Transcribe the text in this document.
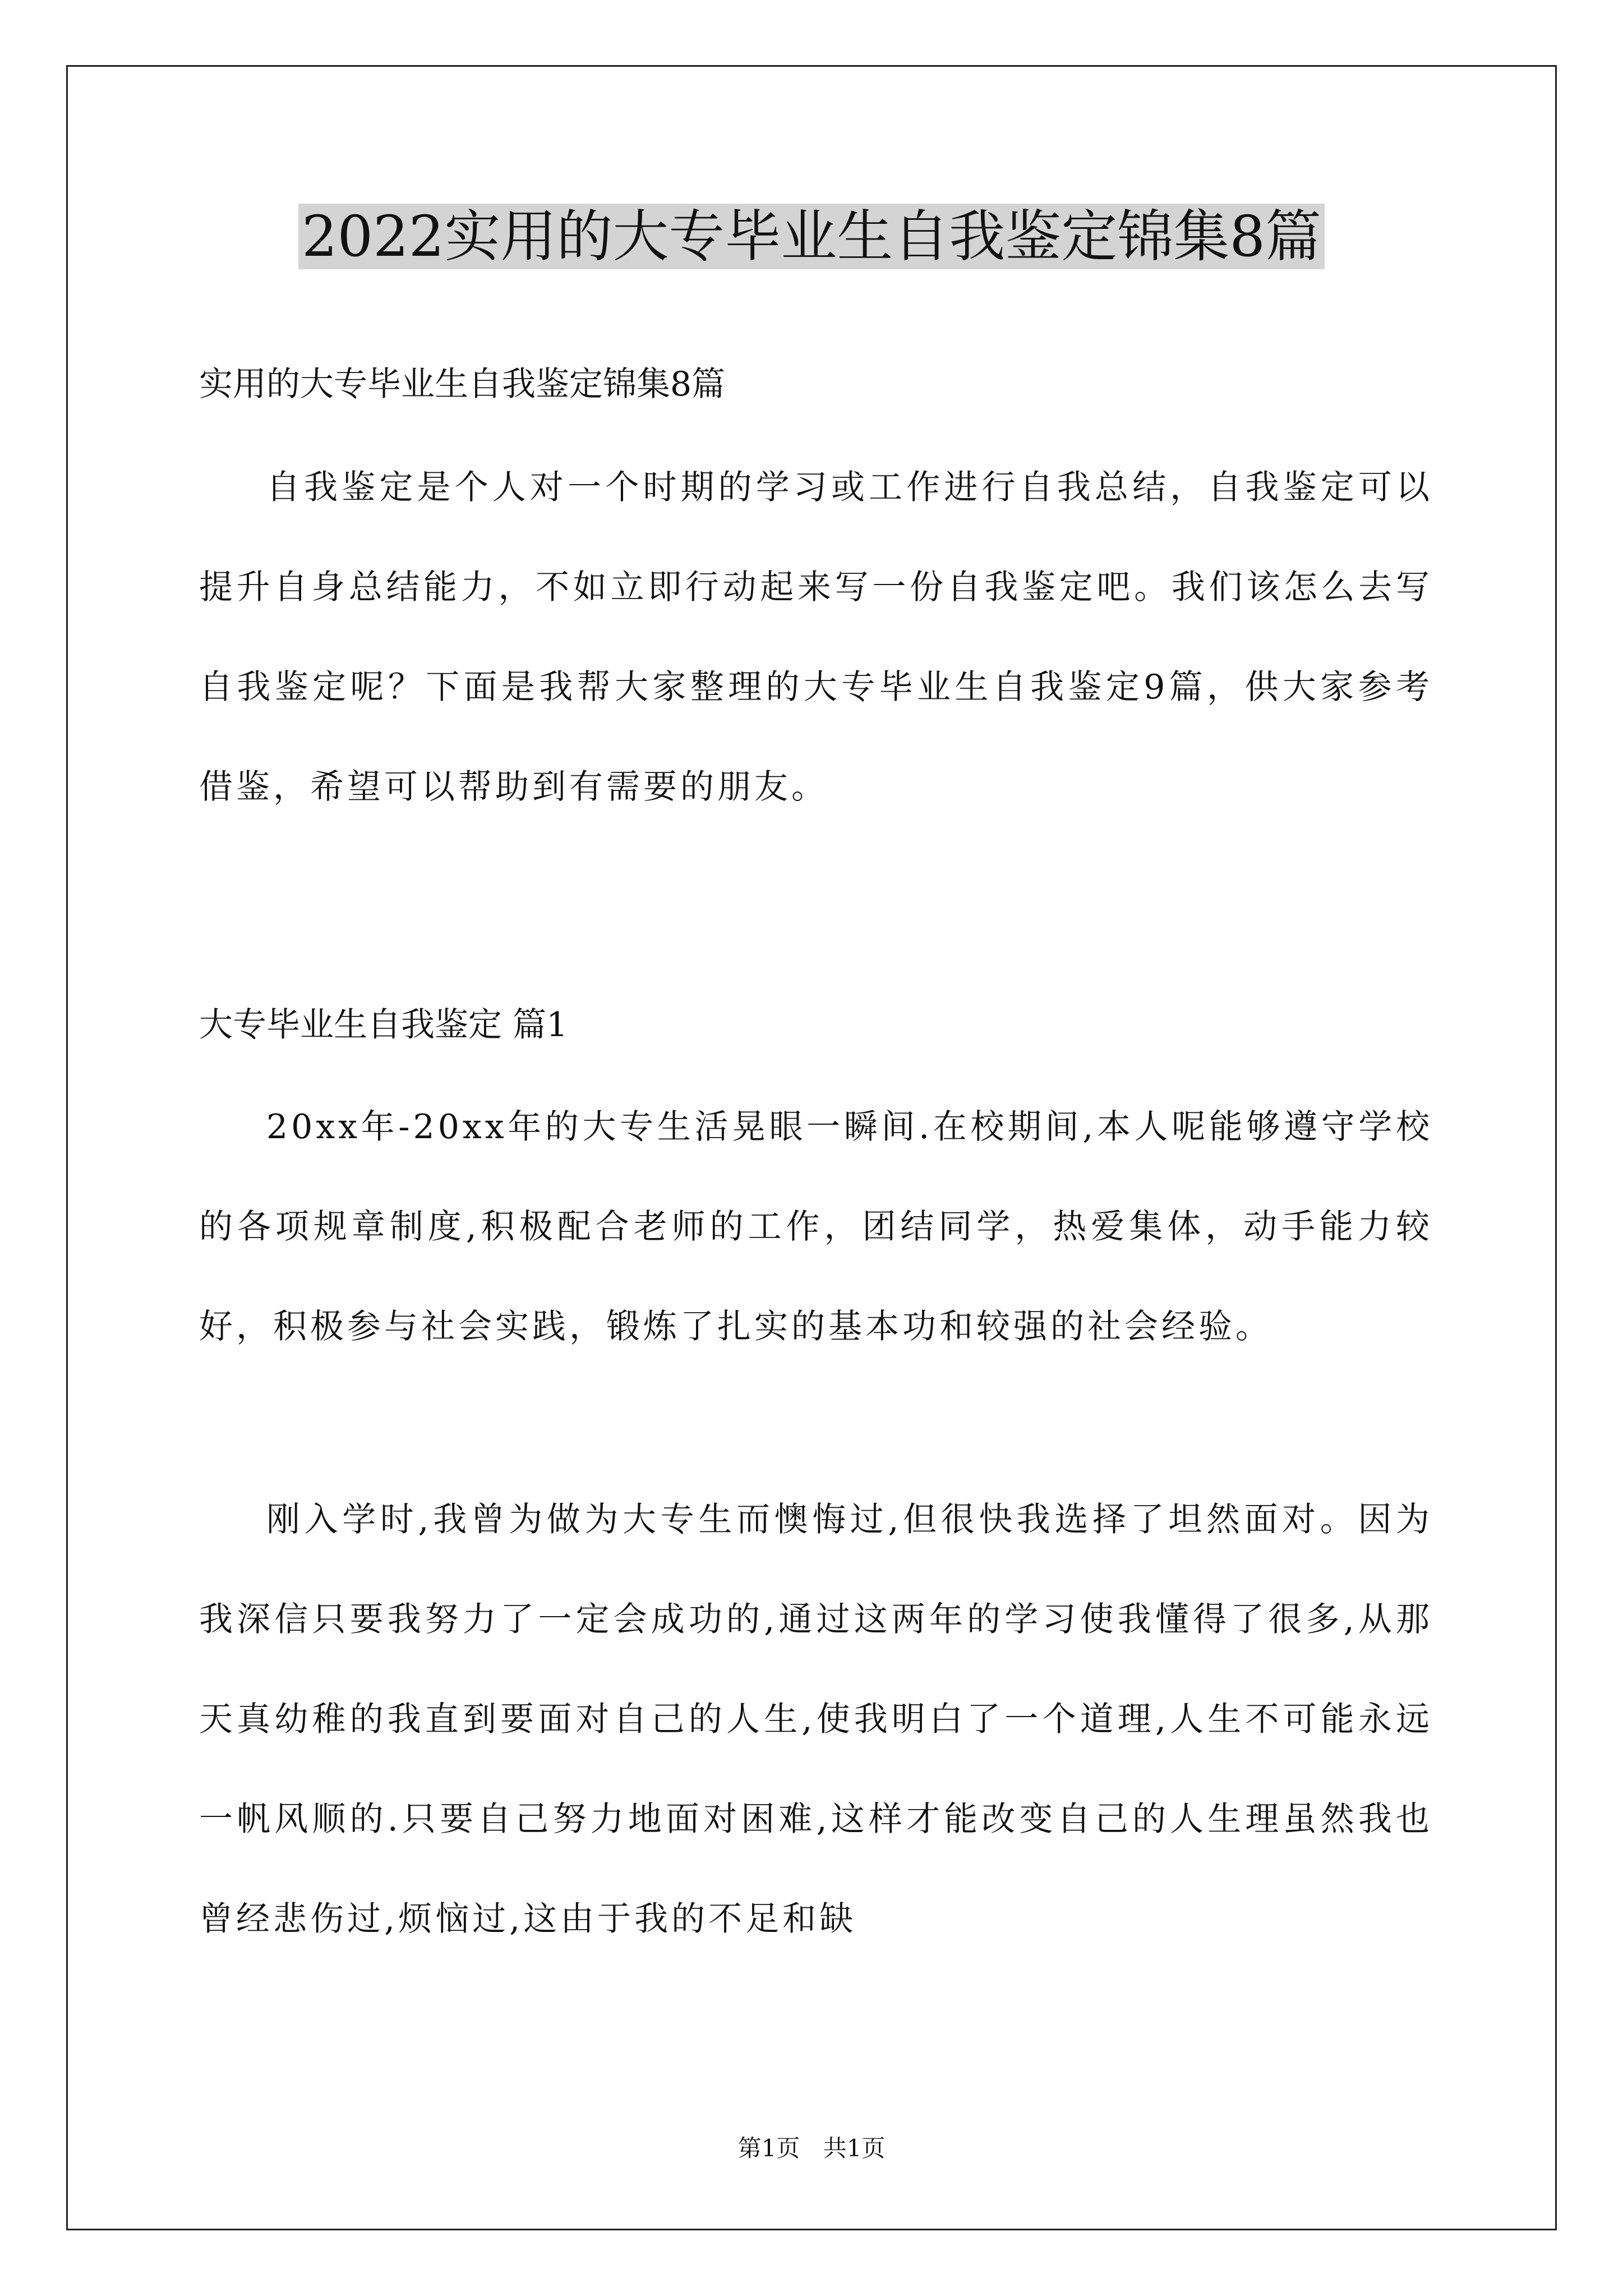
2022实用的大专毕业生自我鉴定锦集8篇
实用的大专毕业生自我鉴定锦集8篇
自我鉴定是个人对一个时期的学习或工作进行自我总结，自我鉴定可以提升自身总结能力，不如立即行动起来写一份自我鉴定吧。我们该怎么去写自我鉴定呢？下面是我帮大家整理的大专毕业生自我鉴定9篇，供大家参考借鉴，希望可以帮助到有需要的朋友。
大专毕业生自我鉴定 篇1
20xx年-20xx年的大专生活晃眼一瞬间.在校期间,本人呢能够遵守学校的各项规章制度,积极配合老师的工作，团结同学，热爱集体，动手能力较好，积极参与社会实践，锻炼了扎实的基本功和较强的社会经验。
刚入学时,我曾为做为大专生而懊悔过,但很快我选择了坦然面对。因为我深信只要我努力了一定会成功的,通过这两年的学习使我懂得了很多,从那天真幼稚的我直到要面对自己的人生,使我明白了一个道理,人生不可能永远一帆风顺的.只要自己努力地面对困难,这样才能改变自己的人生理虽然我也曾经悲伤过,烦恼过,这由于我的不足和缺
第1页 共1页
